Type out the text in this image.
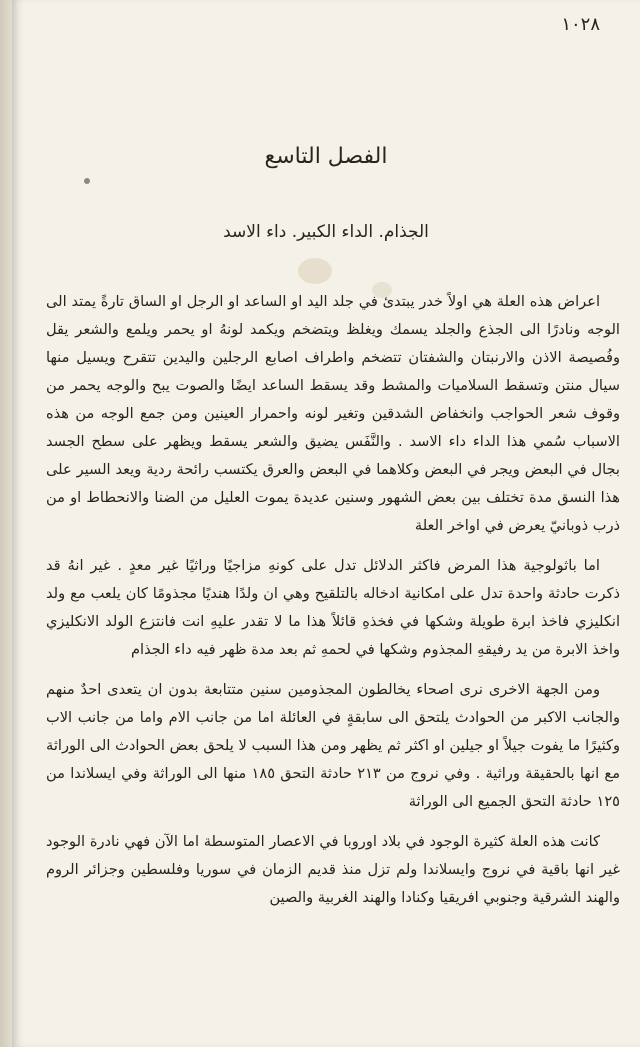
١٠٢٨
الفصل التاسع
الجذام. الداء الكبير. داء الاسد

اعراض هذه العلة هي اولاً خدر يبتدئ في جلد اليد او الساعد او الرجل او الساق تارةً يمتد الى الوجه ونادرًا الى الجذع والجلد يسمك ويغلظ ويتضخم ويكمد لونهُ او يحمر ويلمع والشعر يقل وفُصيصة الاذن والارنبتان والشفتان تتضخم واطراف اصابع الرجلين واليدين تتقرح ويسيل منها سيال منتن وتسقط السلاميات والمشط وقد يسقط الساعد ايضًا والصوت يبح والوجه يحمر من وقوف شعر الحواجب وانخفاض الشدقين وتغير لونه واحمرار العينين ومن جمع الوجه من هذه الاسباب سُمي هذا الداء داء الاسد . والنَّفَس يضيق والشعر يسقط ويظهر على سطح الجسد بجال في البعض ويجر في البعض وكلاهما في البعض والعرق يكتسب رائحة ردية ويعد السير على هذا النسق مدة تختلف بين بعض الشهور وسنين عديدة يموت العليل من الضنا والانحطاط او من ذرب ذوبانيّ يعرض في اواخر العلة

اما باثولوجية هذا المرض فاكثر الدلائل تدل على كونهِ مزاجيًا وراثيًا غير معدٍ . غير انهُ قد ذكرت حادثة واحدة تدل على امكانية ادخاله بالتلقيح وهي ان ولدًا هنديًا مجذومًا كان يلعب مع ولد انكليزي فاخذ ابرة طويلة وشكها في فخذهِ قائلاً هذا ما لا تقدر عليهِ انت فانتزع الولد الانكليزي واخذ الابرة من يد رفيقهِ المجذوم وشكها في لحمهِ ثم بعد مدة ظهر فيه داء الجذام

ومن الجهة الاخرى نرى اصحاء يخالطون المجذومين سنين متتابعة بدون ان يتعدى احدٌ منهم والجانب الاكبر من الحوادث يلتحق الى سابقةٍ في العائلة اما من جانب الام واما من جانب الاب وكثيرًا ما يفوت جيلاً او جيلين او اكثر ثم يظهر ومن هذا السبب لا يلحق بعض الحوادث الى الوراثة مع انها بالحقيقة وراثية . وفي نروج من ٢١٣ حادثة التحق ١٨٥ منها الى الوراثة وفي ايسلاندا من ١٢٥ حادثة التحق الجميع الى الوراثة

كانت هذه العلة كثيرة الوجود في بلاد اوروبا في الاعصار المتوسطة اما الآن فهي نادرة الوجود غير انها باقية في نروج وايسلاندا ولم تزل منذ قديم الزمان في سوريا وفلسطين وجزائر الروم والهند الشرقية وجنوبي افريقيا وكنادا والهند الغربية والصين
